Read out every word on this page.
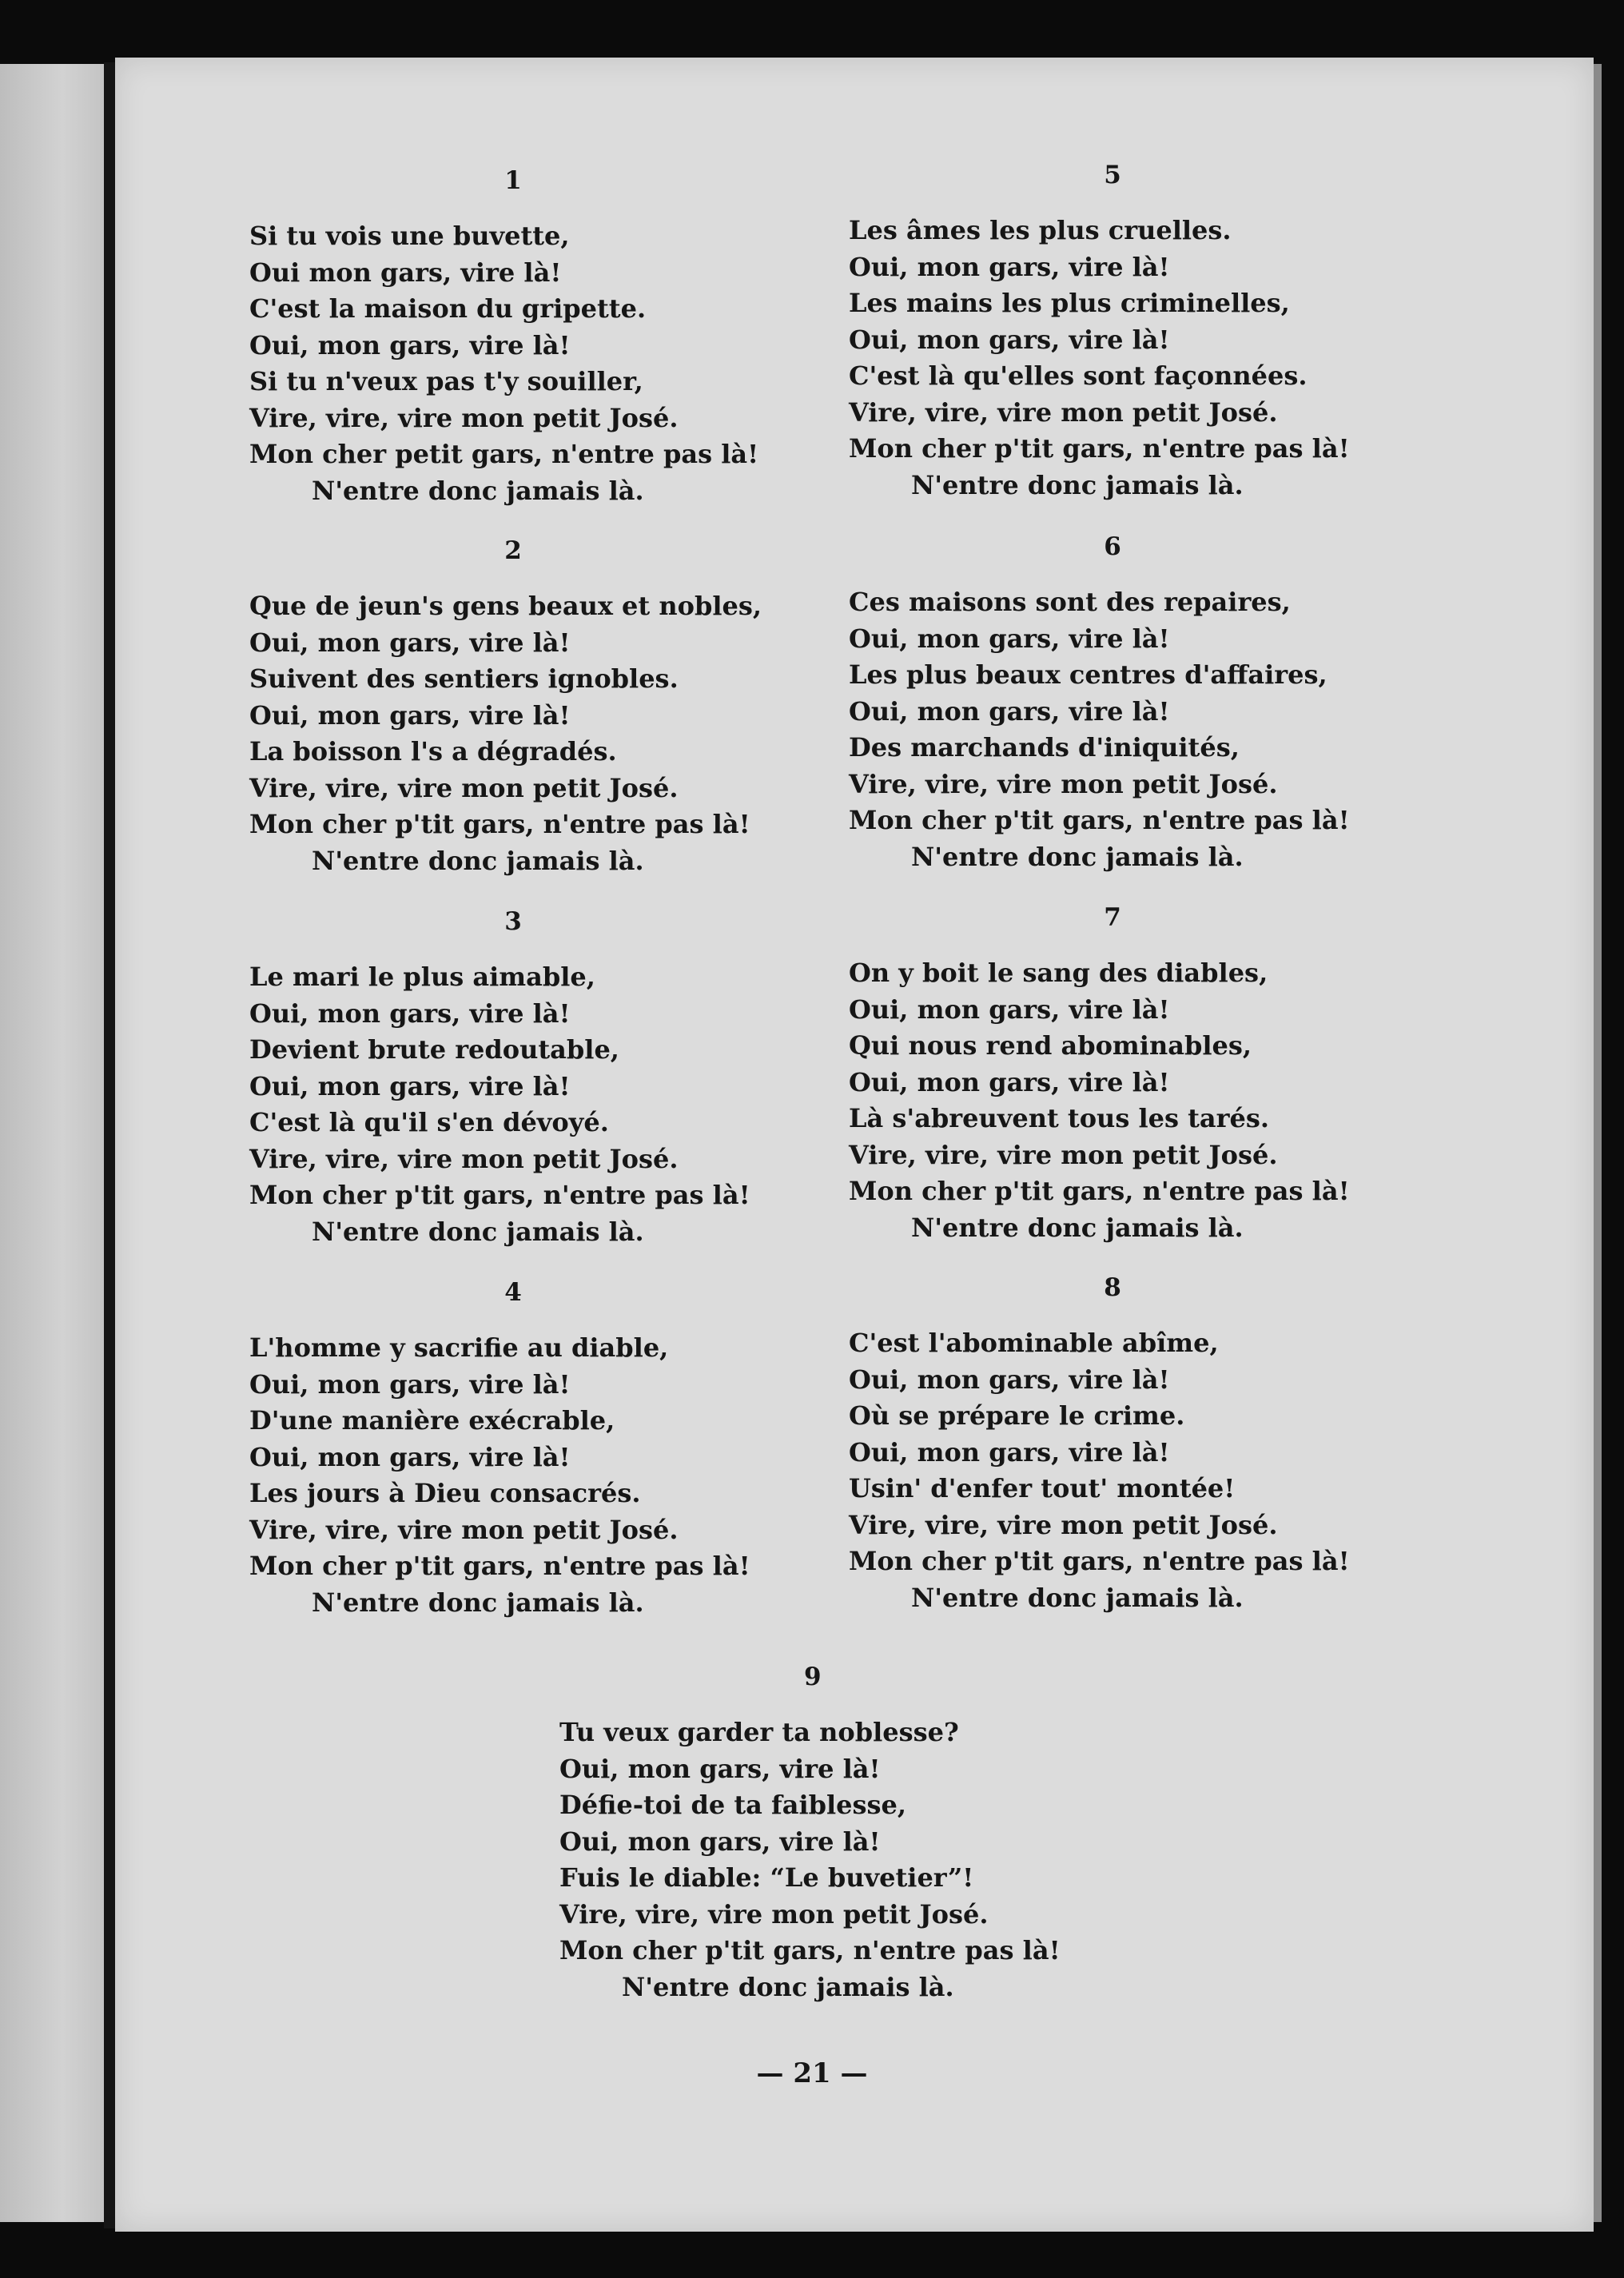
1
Si tu vois une buvette,
Oui mon gars, vire là!
C'est la maison du gripette.
Oui, mon gars, vire là!
Si tu n'veux pas t'y souiller,
Vire, vire, vire mon petit José.
Mon cher petit gars, n'entre pas là!
N'entre donc jamais là.
2
Que de jeun's gens beaux et nobles,
Oui, mon gars, vire là!
Suivent des sentiers ignobles.
Oui, mon gars, vire là!
La boisson l's a dégradés.
Vire, vire, vire mon petit José.
Mon cher p'tit gars, n'entre pas là!
N'entre donc jamais là.
3
Le mari le plus aimable,
Oui, mon gars, vire là!
Devient brute redoutable,
Oui, mon gars, vire là!
C'est là qu'il s'en dévoyé.
Vire, vire, vire mon petit José.
Mon cher p'tit gars, n'entre pas là!
N'entre donc jamais là.
4
L'homme y sacrifie au diable,
Oui, mon gars, vire là!
D'une manière exécrable,
Oui, mon gars, vire là!
Les jours à Dieu consacrés.
Vire, vire, vire mon petit José.
Mon cher p'tit gars, n'entre pas là!
N'entre donc jamais là.
5
Les âmes les plus cruelles.
Oui, mon gars, vire là!
Les mains les plus criminelles,
Oui, mon gars, vire là!
C'est là qu'elles sont façonnées.
Vire, vire, vire mon petit José.
Mon cher p'tit gars, n'entre pas là!
N'entre donc jamais là.
6
Ces maisons sont des repaires,
Oui, mon gars, vire là!
Les plus beaux centres d'affaires,
Oui, mon gars, vire là!
Des marchands d'iniquités,
Vire, vire, vire mon petit José.
Mon cher p'tit gars, n'entre pas là!
N'entre donc jamais là.
7
On y boit le sang des diables,
Oui, mon gars, vire là!
Qui nous rend abominables,
Oui, mon gars, vire là!
Là s'abreuvent tous les tarés.
Vire, vire, vire mon petit José.
Mon cher p'tit gars, n'entre pas là!
N'entre donc jamais là.
8
C'est l'abominable abîme,
Oui, mon gars, vire là!
Où se prépare le crime.
Oui, mon gars, vire là!
Usin' d'enfer tout' montée!
Vire, vire, vire mon petit José.
Mon cher p'tit gars, n'entre pas là!
N'entre donc jamais là.
9
Tu veux garder ta noblesse?
Oui, mon gars, vire là!
Défie-toi de ta faiblesse,
Oui, mon gars, vire là!
Fuis le diable: “Le buvetier”!
Vire, vire, vire mon petit José.
Mon cher p'tit gars, n'entre pas là!
N'entre donc jamais là.
— 21 —
